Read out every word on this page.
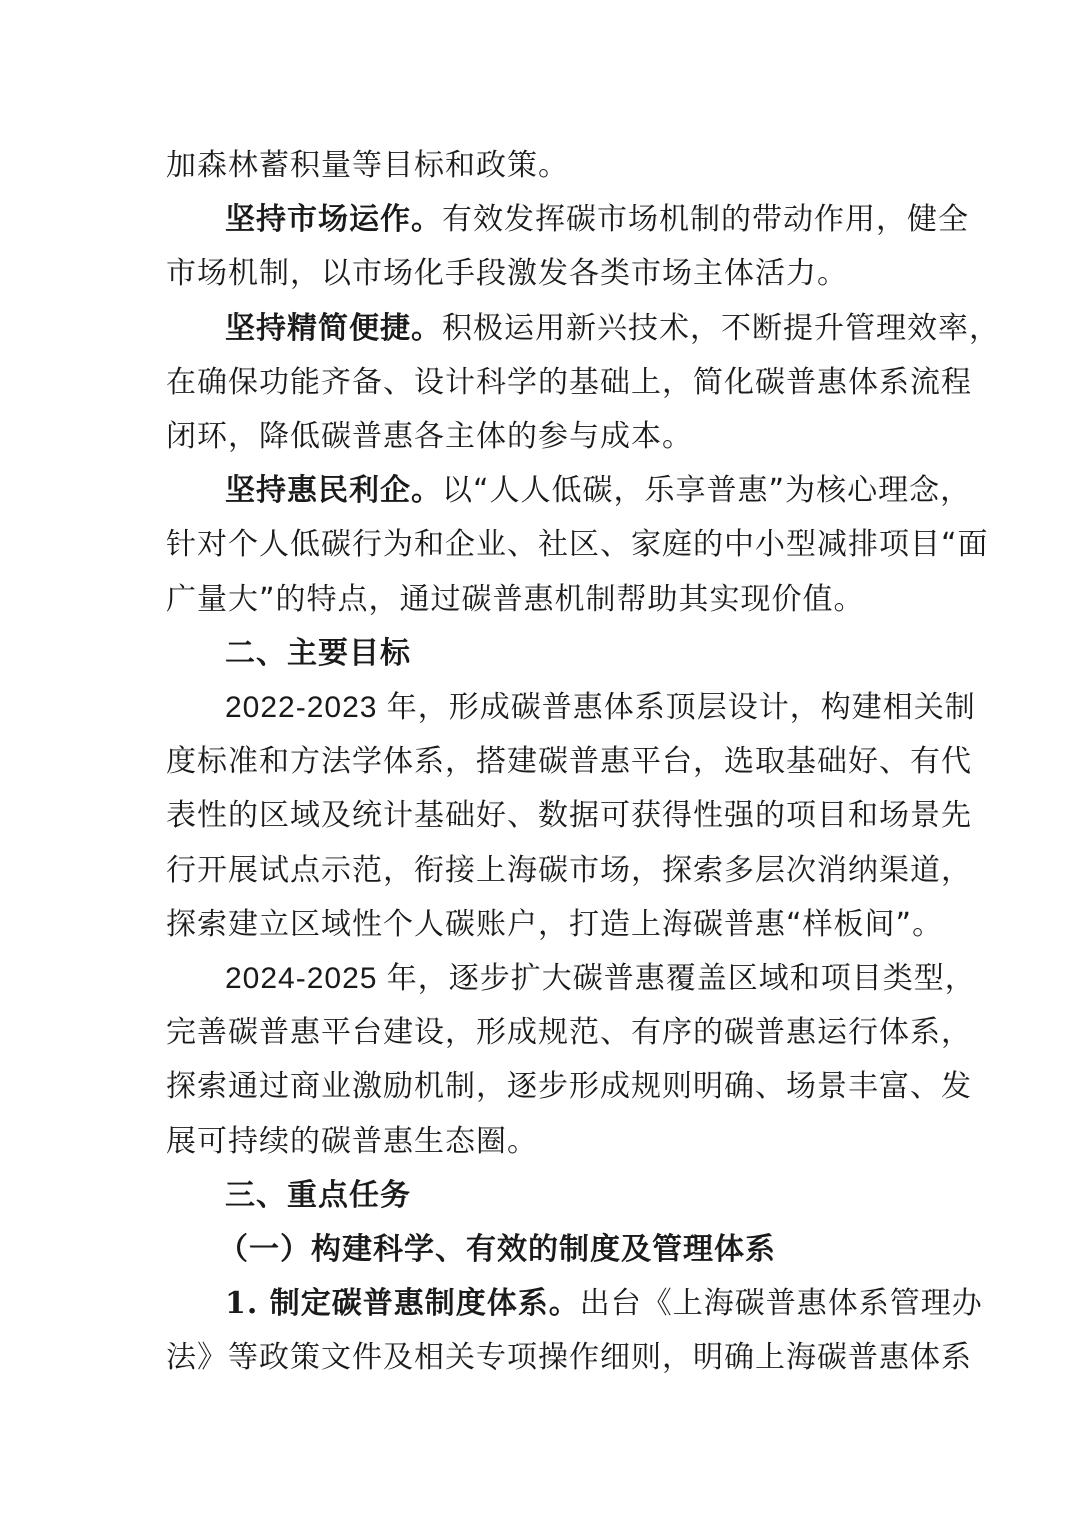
加森林蓄积量等目标和政策。
坚持市场运作。有效发挥碳市场机制的带动作用，健全
市场机制，以市场化手段激发各类市场主体活力。
坚持精简便捷。积极运用新兴技术，不断提升管理效率，
在确保功能齐备、设计科学的基础上，简化碳普惠体系流程
闭环，降低碳普惠各主体的参与成本。
坚持惠民利企。以“人人低碳，乐享普惠”为核心理念，
针对个人低碳行为和企业、社区、家庭的中小型减排项目“面
广量大”的特点，通过碳普惠机制帮助其实现价值。
二、主要目标
2022-2023 年，形成碳普惠体系顶层设计，构建相关制
度标准和方法学体系，搭建碳普惠平台，选取基础好、有代
表性的区域及统计基础好、数据可获得性强的项目和场景先
行开展试点示范，衔接上海碳市场，探索多层次消纳渠道，
探索建立区域性个人碳账户，打造上海碳普惠“样板间”。
2024-2025 年，逐步扩大碳普惠覆盖区域和项目类型，
完善碳普惠平台建设，形成规范、有序的碳普惠运行体系，
探索通过商业激励机制，逐步形成规则明确、场景丰富、发
展可持续的碳普惠生态圈。
三、重点任务
（一）构建科学、有效的制度及管理体系
1. 制定碳普惠制度体系。出台《上海碳普惠体系管理办
法》等政策文件及相关专项操作细则，明确上海碳普惠体系
